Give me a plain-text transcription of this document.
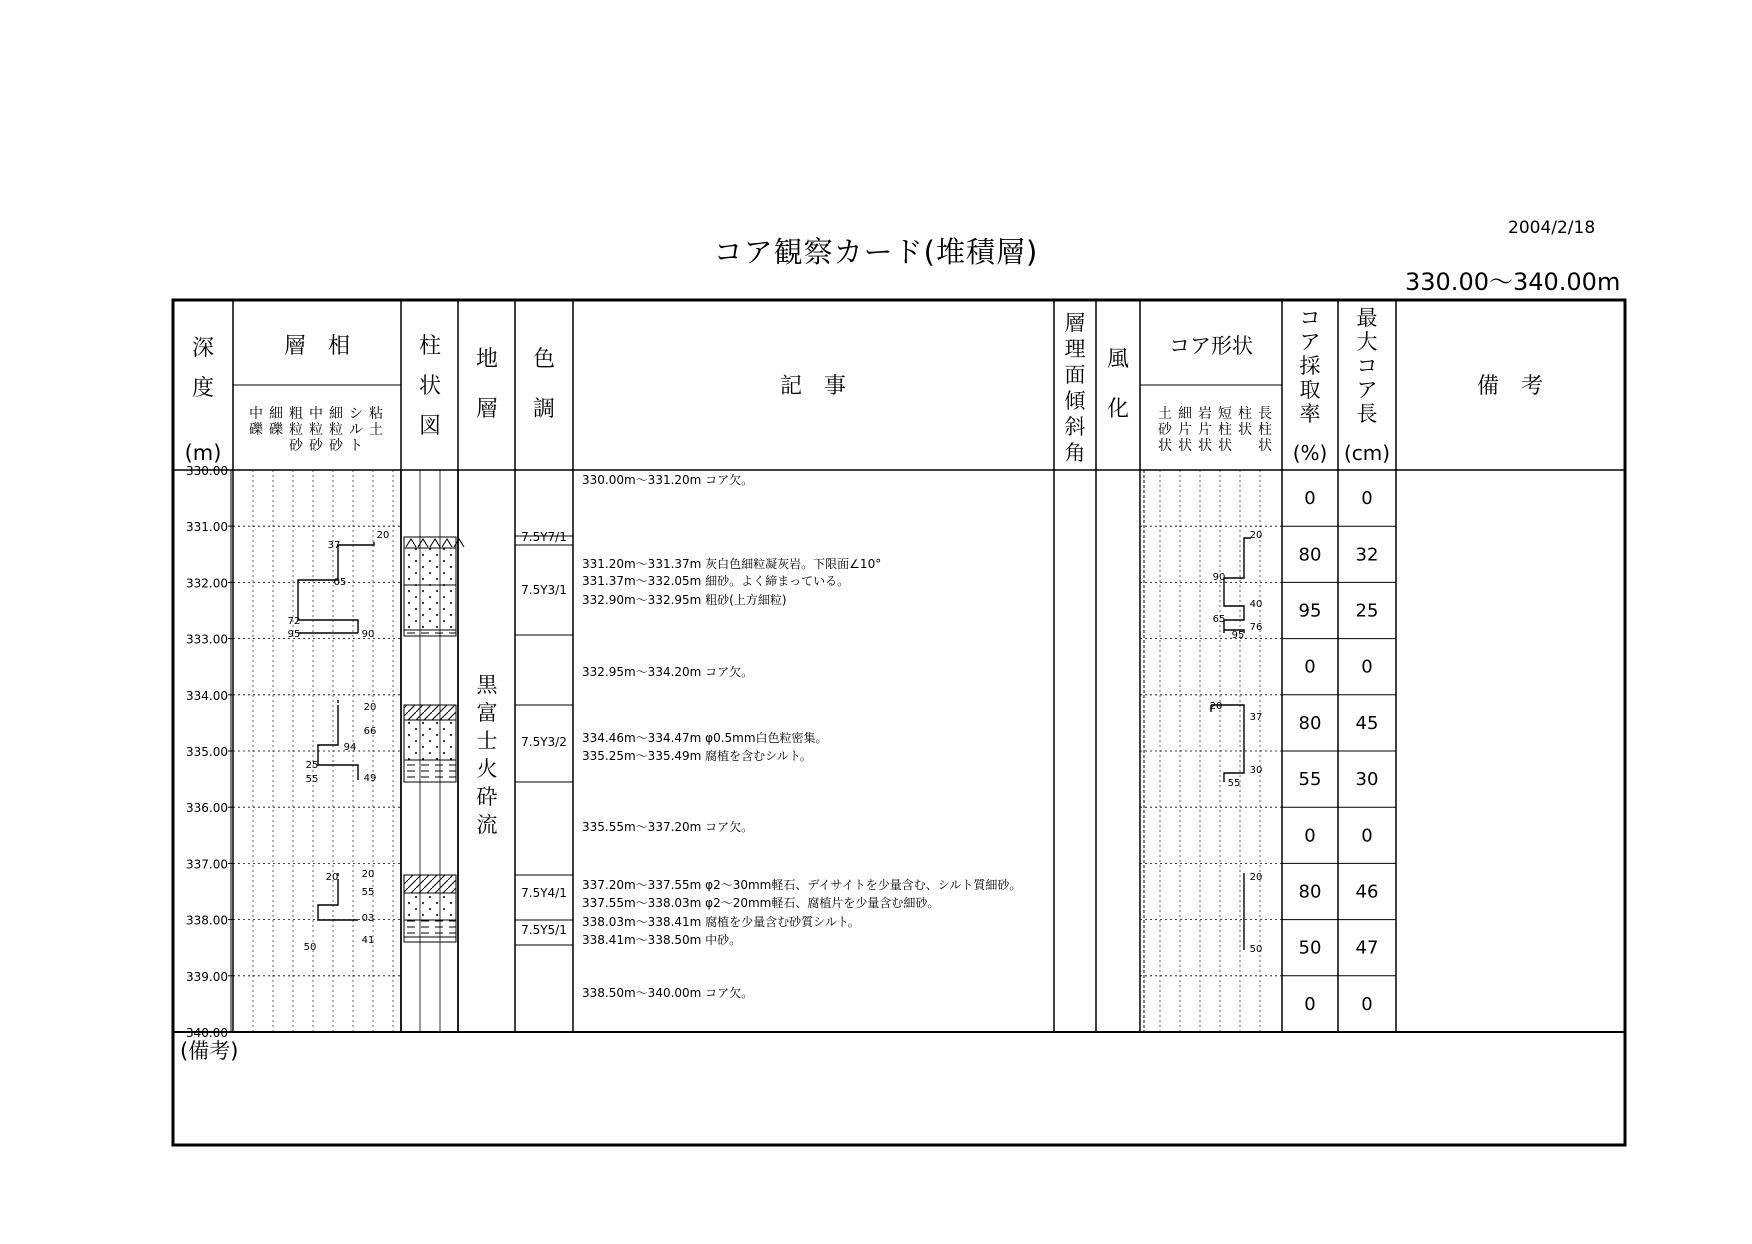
2004/2/18
コア観察カード(堆積層)
330.00～340.00m
深
度
(m)
層　相
中
礫
細
礫
粗
粒
砂
中
粒
砂
細
粒
砂
シ
ル
ト
粘
土
柱
状
図
地
層
色
調
記　事
層
理
面
傾
斜
角
風
化
コア形状
土
砂
状
細
片
状
岩
片
状
短
柱
状
柱
状
長
柱
状
コ
ア
採
取
率
(%)
最
大
コ
ア
長
(cm)
備　考
330.00
331.00
332.00
333.00
334.00
335.00
336.00
337.00
338.00
339.00
340.00
20
37
05
72
95	90
20
66
94
25
55	49
20 20
55
03
41
50
黒
富
士
火
砕
流
7.5Y7/1
7.5Y3/1
7.5Y3/2
7.5Y4/1
7.5Y5/1
330.00m～331.20m コア欠。
331.20m～331.37m 灰白色細粒凝灰岩。下限面∠10°
331.37m～332.05m 細砂。よく締まっている。
332.90m～332.95m 粗砂(上方細粒)
332.95m～334.20m コア欠。
334.46m～334.47m φ0.5mm白色粒密集。
335.25m～335.49m 腐植を含むシルト。
335.55m～337.20m コア欠。
337.20m～337.55m φ2～30mm軽石、デイサイトを少量含む、シルト質細砂。
337.55m～338.03m φ2～20mm軽石、腐植片を少量含む細砂。
338.03m～338.41m 腐植を少量含む砂質シルト。
338.41m～338.50m 中砂。
338.50m～340.00m コア欠。
20
90
40
65
76
95
20
37
30
55
20
50
0
80
95
0
80
55
0
80
50
0
0
32
25
0
45
30
0
46
47
0
(備考)
